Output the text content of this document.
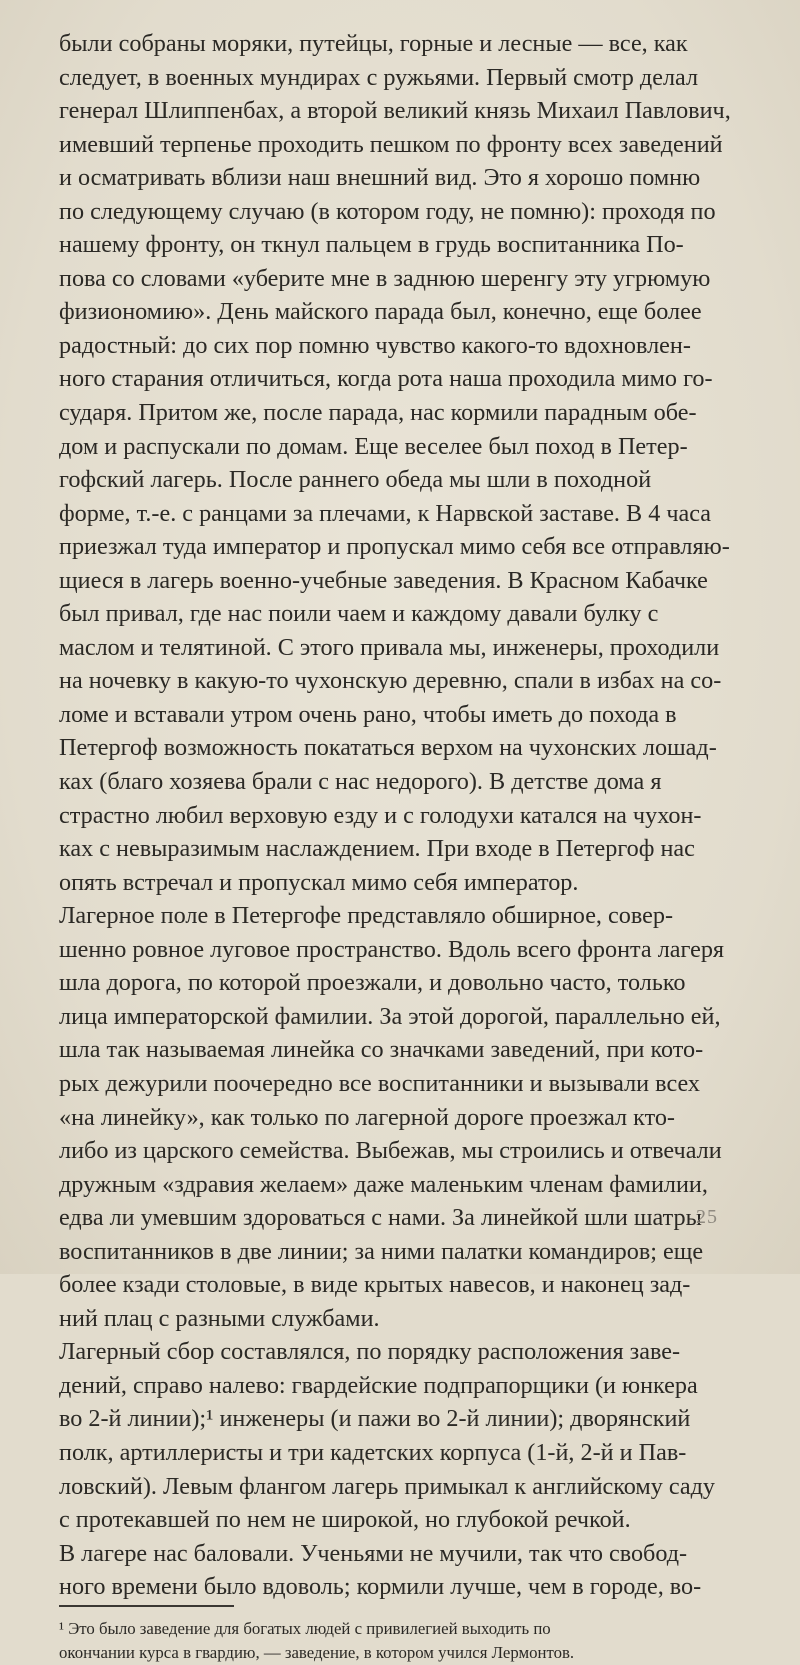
были собраны моряки, путейцы, горные и лесные — все, как
следует, в военных мундирах с ружьями. Первый смотр делал
генерал Шлиппенбах, а второй великий князь Михаил Павлович,
имевший терпенье проходить пешком по фронту всех заведений
и осматривать вблизи наш внешний вид. Это я хорошо помню
по следующему случаю (в котором году, не помню): проходя по
нашему фронту, он ткнул пальцем в грудь воспитанника По-
пова со словами «уберите мне в заднюю шеренгу эту угрюмую
физиономию». День майского парада был, конечно, еще более
радостный: до сих пор помню чувство какого-то вдохновлен-
ного старания отличиться, когда рота наша проходила мимо го-
сударя. Притом же, после парада, нас кормили парадным обе-
дом и распускали по домам. Еще веселее был поход в Петер-
гофский лагерь. После раннего обеда мы шли в походной
форме, т.-е. с ранцами за плечами, к Нарвской заставе. В 4 часа
приезжал туда император и пропускал мимо себя все отправляю-
щиеся в лагерь военно-учебные заведения. В Красном Кабачке
был привал, где нас поили чаем и каждому давали булку с
маслом и телятиной. С этого привала мы, инженеры, проходили
на ночевку в какую-то чухонскую деревню, спали в избах на со-
ломе и вставали утром очень рано, чтобы иметь до похода в
Петергоф возможность покататься верхом на чухонских лошад-
ках (благо хозяева брали с нас недорого). В детстве дома я
страстно любил верховую езду и с голодухи катался на чухон-
ках с невыразимым наслаждением. При входе в Петергоф нас
опять встречал и пропускал мимо себя император.
Лагерное поле в Петергофе представляло обширное, совер-
шенно ровное луговое пространство. Вдоль всего фронта лагеря
шла дорога, по которой проезжали, и довольно часто, только
лица императорской фамилии. За этой дорогой, параллельно ей,
шла так называемая линейка со значками заведений, при кото-
рых дежурили поочередно все воспитанники и вызывали всех
«на линейку», как только по лагерной дороге проезжал кто-
либо из царского семейства. Выбежав, мы строились и отвечали
дружным «здравия желаем» даже маленьким членам фамилии,
едва ли умевшим здороваться с нами. За линейкой шли шатры
воспитанников в две линии; за ними палатки командиров; еще
более кзади столовые, в виде крытых навесов, и наконец зад-
ний плац с разными службами.
Лагерный сбор составлялся, по порядку расположения заве-
дений, справо налево: гвардейские подпрапорщики (и юнкера
во 2-й линии);¹ инженеры (и пажи во 2-й линии); дворянский
полк, артиллеристы и три кадетских корпуса (1-й, 2-й и Пав-
ловский). Левым флангом лагерь примыкал к английскому саду
с протекавшей по нем не широкой, но глубокой речкой.
В лагере нас баловали. Ученьями не мучили, так что свобод-
ного времени было вдоволь; кормили лучше, чем в городе, во-
¹ Это было заведение для богатых людей с привилегией выходить по
окончании курса в гвардию, — заведение, в котором учился Лермонтов.
25
